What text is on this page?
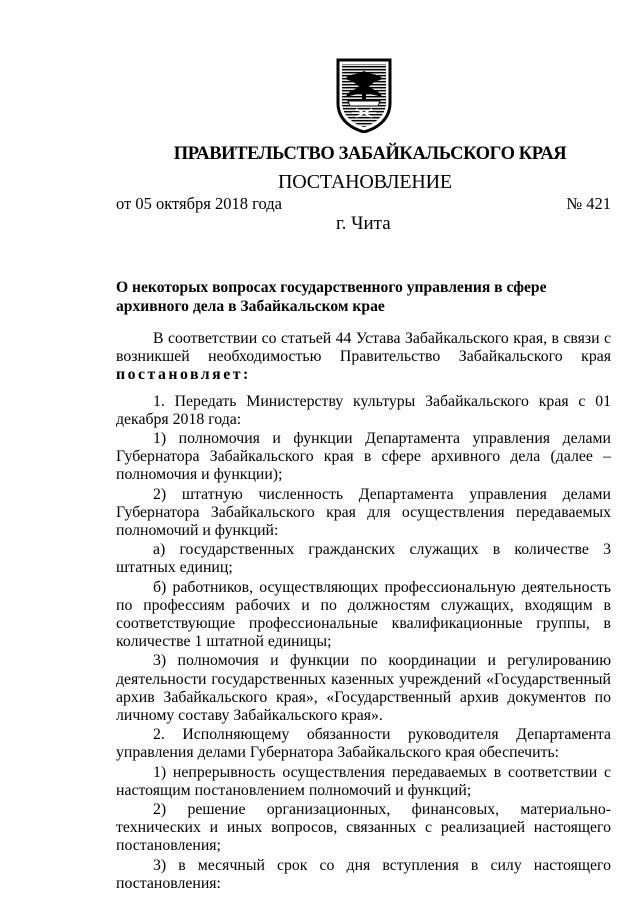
ПРАВИТЕЛЬСТВО ЗАБАЙКАЛЬСКОГО КРАЯ
ПОСТАНОВЛЕНИЕ
от 05 октября 2018 года	№ 421
г. Чита
О некоторых вопросах государственного управления в сфере архивного дела в Забайкальском крае

В соответствии со статьей 44 Устава Забайкальского края, в связи с возникшей необходимостью Правительство Забайкальского края постановляет:

1. Передать Министерству культуры Забайкальского края с 01 декабря 2018 года:

1) полномочия и функции Департамента управления делами Губернатора Забайкальского края в сфере архивного дела (далее – полномочия и функции);

2) штатную численность Департамента управления делами Губернатора Забайкальского края для осуществления передаваемых полномочий и функций:

а) государственных гражданских служащих в количестве 3 штатных единиц;

б) работников, осуществляющих профессиональную деятельность по профессиям рабочих и по должностям служащих, входящим в соответствующие профессиональные квалификационные группы, в количестве 1 штатной единицы;

3) полномочия и функции по координации и регулированию деятельности государственных казенных учреждений «Государственный архив Забайкальского края», «Государственный архив документов по личному составу Забайкальского края».

2. Исполняющему обязанности руководителя Департамента управления делами Губернатора Забайкальского края обеспечить:

1) непрерывность осуществления передаваемых в соответствии с настоящим постановлением полномочий и функций;

2) решение организационных, финансовых, материально-технических и иных вопросов, связанных с реализацией настоящего постановления;

3) в месячный срок со дня вступления в силу настоящего постановления:
